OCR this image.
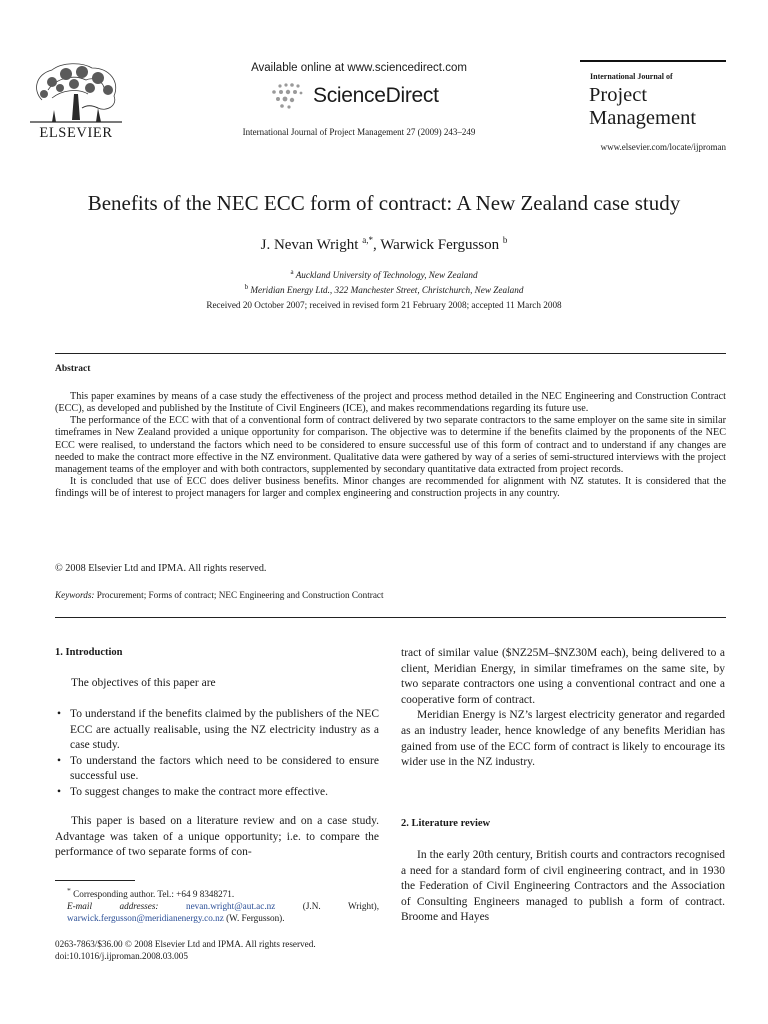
ELSEVIER
Available online at www.sciencedirect.com
ScienceDirect
International Journal of Project Management 27 (2009) 243–249
International Journal of
Project
Management
www.elsevier.com/locate/ijproman
Benefits of the NEC ECC form of contract: A New Zealand case study
J. Nevan Wright $^{a,*}$, Warwick Fergusson $^b$
$^a$ Auckland University of Technology, New Zealand
$^b$ Meridian Energy Ltd., 322 Manchester Street, Christchurch, New Zealand
Received 20 October 2007; received in revised form 21 February 2008; accepted 11 March 2008
Abstract

This paper examines by means of a case study the effectiveness of the project and process method detailed in the NEC Engineering and Construction Contract (ECC), as developed and published by the Institute of Civil Engineers (ICE), and makes recommendations regarding its future use.

The performance of the ECC with that of a conventional form of contract delivered by two separate contractors to the same employer on the same site in similar timeframes in New Zealand provided a unique opportunity for comparison. The objective was to determine if the benefits claimed by the proponents of the NEC ECC were realised, to understand the factors which need to be considered to ensure successful use of this form of contract and to understand if any changes are needed to make the contract more effective in the NZ environment. Qualitative data were gathered by way of a series of semi-structured interviews with the project management teams of the employer and with both contractors, supplemented by secondary quantitative data extracted from project records.

It is concluded that use of ECC does deliver business benefits. Minor changes are recommended for alignment with NZ statutes. It is considered that the findings will be of interest to project managers for larger and complex engineering and construction projects in any country.

© 2008 Elsevier Ltd and IPMA. All rights reserved.
Keywords: Procurement; Forms of contract; NEC Engineering and Construction Contract
1. Introduction
The objectives of this paper are
• To understand if the benefits claimed by the publishers of the NEC ECC are actually realisable, using the NZ electricity industry as a case study.
• To understand the factors which need to be considered to ensure successful use.
• To suggest changes to make the contract more effective.

This paper is based on a literature review and on a case study. Advantage was taken of a unique opportunity; i.e. to compare the performance of two separate forms of con-

* Corresponding author. Tel.: +64 9 8348271.
E-mail addresses:	nevan.wright@aut.ac.nz (J.N. Wright), warwick.fergusson@meridianenergy.co.nz (W. Fergusson).
0263-7863/$36.00 © 2008 Elsevier Ltd and IPMA. All rights reserved.
doi:10.1016/j.ijproman.2008.03.005

tract of similar value ($NZ25M–$NZ30M each), being delivered to a client, Meridian Energy, in similar timeframes on the same site, by two separate contractors one using a conventional contract and one a cooperative form of contract.

Meridian Energy is NZ’s largest electricity generator and regarded as an industry leader, hence knowledge of any benefits Meridian has gained from use of the ECC form of contract is likely to encourage its wider use in the NZ industry.

2. Literature review

In the early 20th century, British courts and contractors recognised a need for a standard form of civil engineering contract, and in 1930 the Federation of Civil Engineering Contractors and the Association of Consulting Engineers managed to publish a form of contract. Broome and Hayes
